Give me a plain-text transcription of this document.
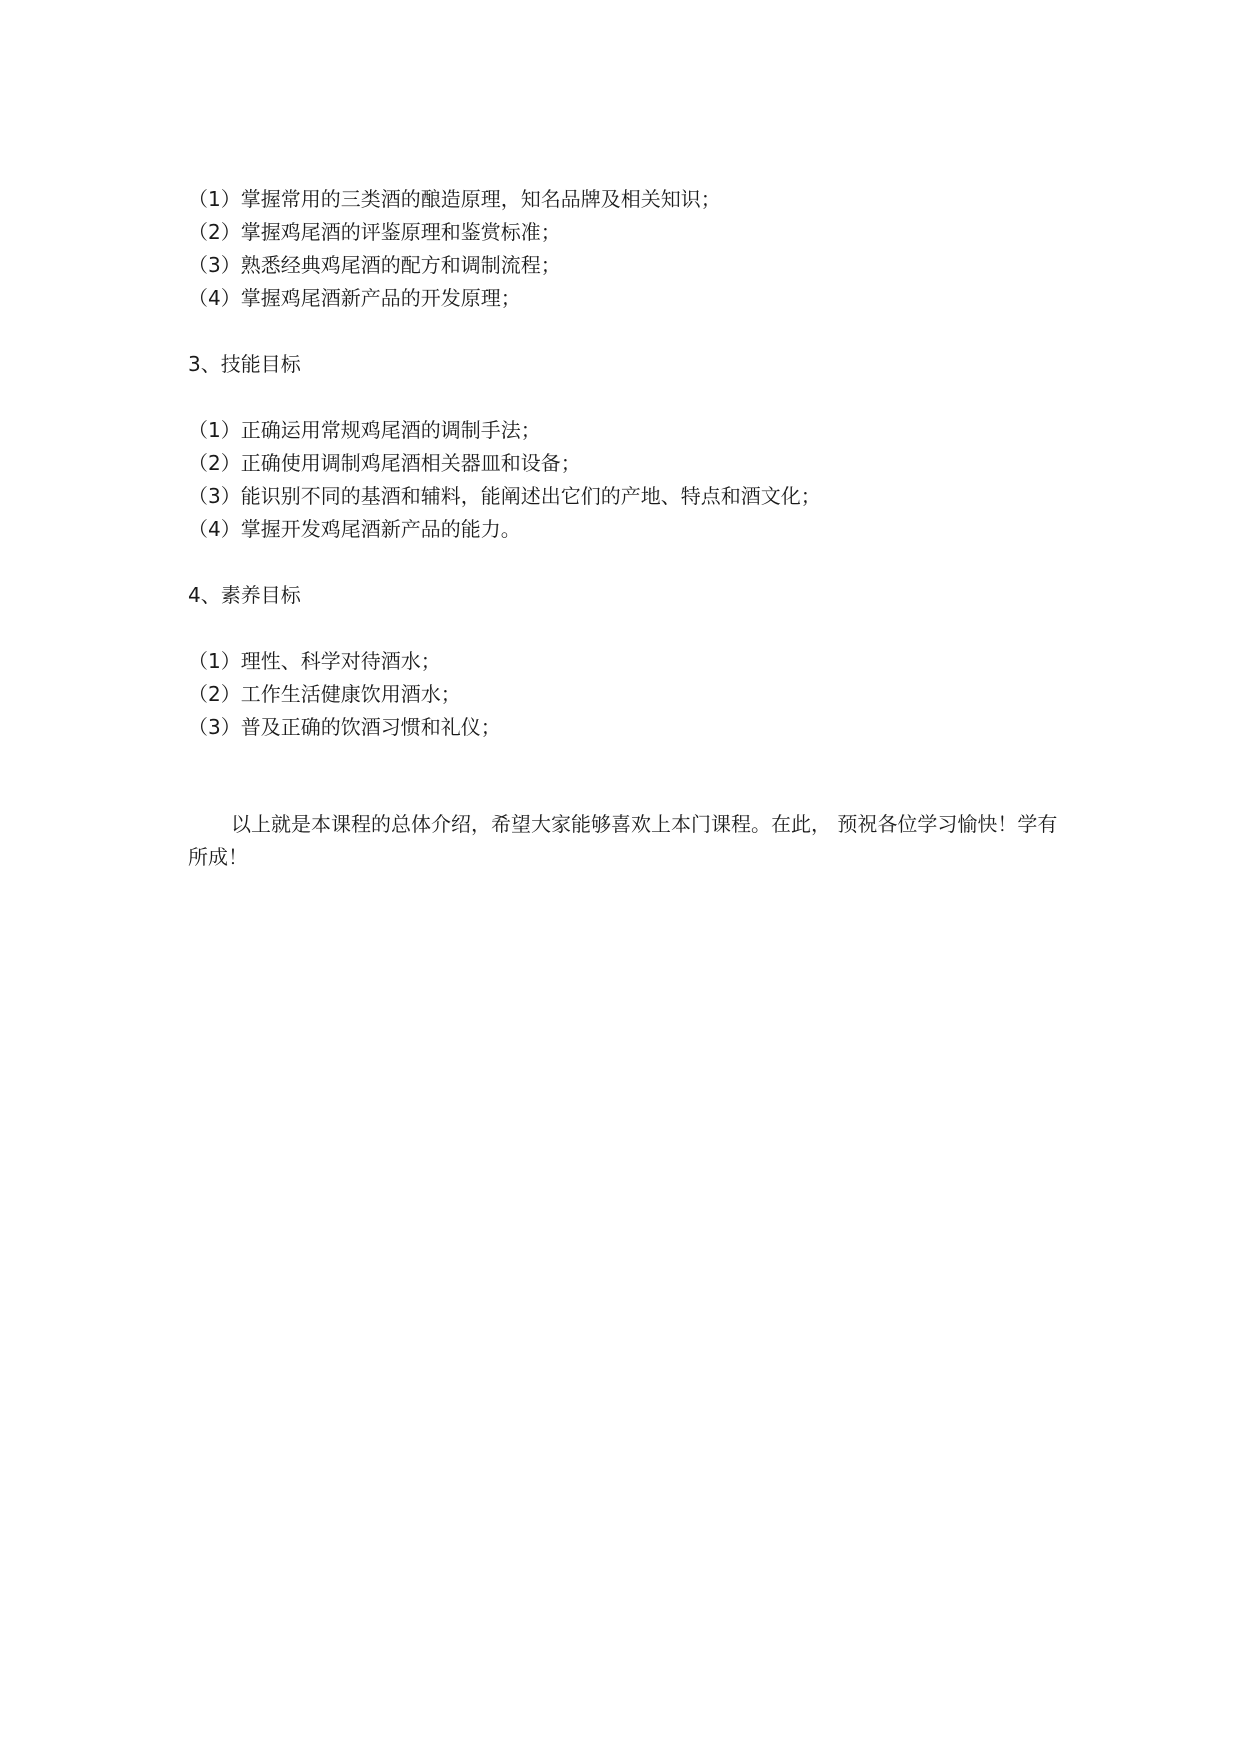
（1）掌握常用的三类酒的酿造原理，知名品牌及相关知识；

（2）掌握鸡尾酒的评鉴原理和鉴赏标准；

（3）熟悉经典鸡尾酒的配方和调制流程；

（4）掌握鸡尾酒新产品的开发原理；

3、技能目标

（1）正确运用常规鸡尾酒的调制手法；

（2）正确使用调制鸡尾酒相关器皿和设备；

（3）能识别不同的基酒和辅料，能阐述出它们的产地、特点和酒文化；

（4）掌握开发鸡尾酒新产品的能力。

4、素养目标

（1）理性、科学对待酒水；

（2）工作生活健康饮用酒水；

（3）普及正确的饮酒习惯和礼仪；

以上就是本课程的总体介绍，希望大家能够喜欢上本门课程。在此， 预祝各位学习愉快！学有所成！
